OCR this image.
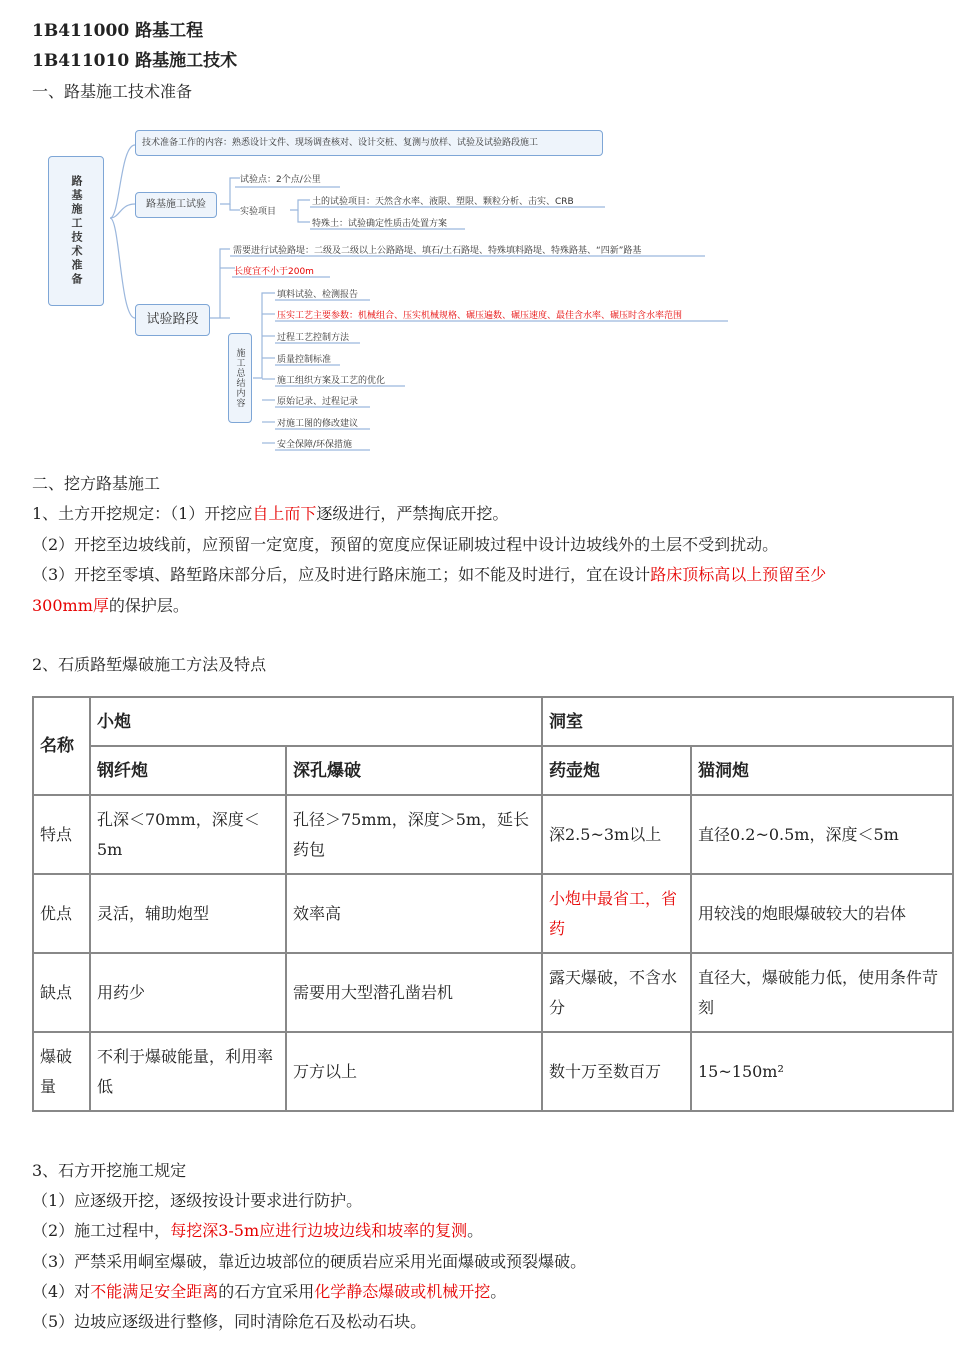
1B411000 路基工程
1B411010 路基施工技术
一、路基施工技术准备
路基施工技术准备
技术准备工作的内容：熟悉设计文件、现场调查核对、设计交桩、复测与放样、试验及试验路段施工
路基施工试验
试验路段
试验点：2个点/公里
实验项目
土的试验项目：天然含水率、液限、塑限、颗粒分析、击实、CRB
特殊土：试验确定性质击处置方案
需要进行试验路堤：二级及二级以上公路路堤、填石/土石路堤、特殊填料路堤、特殊路基、“四新”路基
长度宜不小于200m
施工总结内容
填料试验、检测报告
压实工艺主要参数：机械组合、压实机械规格、碾压遍数、碾压速度、最佳含水率、碾压时含水率范围
过程工艺控制方法
质量控制标准
施工组织方案及工艺的优化
原始记录、过程记录
对施工图的修改建议
安全保障/环保措施
二、挖方路基施工
1、土方开挖规定：（1）开挖应自上而下逐级进行，严禁掏底开挖。
（2）开挖至边坡线前，应预留一定宽度，预留的宽度应保证刷坡过程中设计边坡线外的土层不受到扰动。
（3）开挖至零填、路堑路床部分后，应及时进行路床施工；如不能及时进行，宜在设计路床顶标高以上预留至少
300mm厚的保护层。
2、石质路堑爆破施工方法及特点
名称	小炮		洞室	
	钢纤炮	深孔爆破	药壶炮	猫洞炮
特点	孔深＜70mm，深度＜5m	孔径＞75mm，深度＞5m，延长药包	深2.5~3m以上	直径0.2~0.5m，深度＜5m
优点	灵活，辅助炮型	效率高	小炮中最省工，省药	用较浅的炮眼爆破较大的岩体
缺点	用药少	需要用大型潜孔凿岩机	露天爆破，不含水分	直径大，爆破能力低，使用条件苛刻
爆破量	不利于爆破能量，利用率低	万方以上	数十万至数百万	15~150m²
3、石方开挖施工规定
（1）应逐级开挖，逐级按设计要求进行防护。
（2）施工过程中，每挖深3-5m应进行边坡边线和坡率的复测。
（3）严禁采用峒室爆破，靠近边坡部位的硬质岩应采用光面爆破或预裂爆破。
（4）对不能满足安全距离的石方宜采用化学静态爆破或机械开挖。
（5）边坡应逐级进行整修，同时清除危石及松动石块。
